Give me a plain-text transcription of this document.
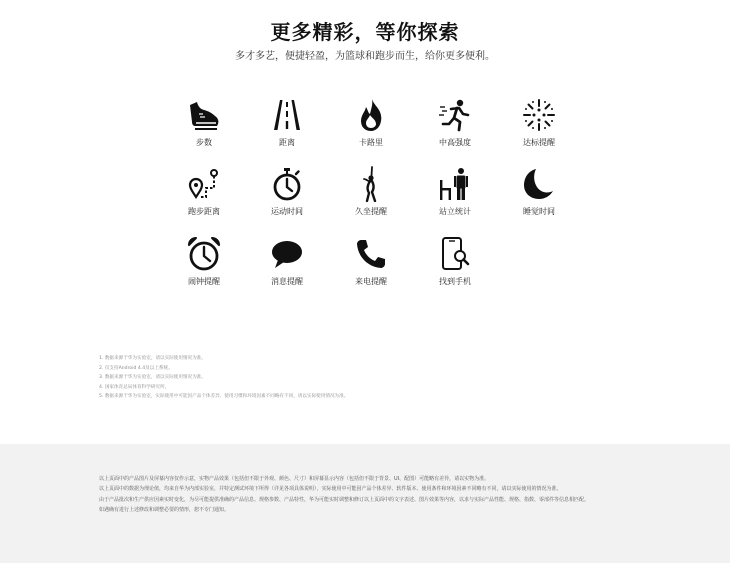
更多精彩，等你探索
多才多艺，便捷轻盈，为篮球和跑步而生，给你更多便利。
步数	距离	卡路里	中高强度	达标提醒
跑步距离	运动时间	久坐提醒	站立统计	睡觉时间
闹钟提醒	消息提醒	来电提醒	找到手机
1. 数据来源于华为实验室，请以实际使用情况为准。
2. 仅支持Android 4.4及以上系统。
3. 数据来源于华为实验室，请以实际使用情况为准。
4. 国家体育总局体育科学研究所。
5. 数据来源于华为实验室，实际使用中可能因产品个体差异、使用习惯和环境因素不同略有不同，请以实际使用情况为准。
以上页面中的产品图片及屏幕内容仅作示意，实物产品效果（包括但不限于外观、颜色、尺寸）和屏幕显示内容（包括但不限于背景、UI、配图）可能略有差异，请以实物为准。
以上页面中的数据为理论值，均来自华为内部实验室，并特定测试环境下所得（详见各项具体说明），实际使用中可能因产品个体差异、软件版本、使用条件和环境因素不同略有不同，请以实际使用的情况为准。
由于产品批次和生产供应因素实时变化，为尽可能提供准确的产品信息、规格参数、产品特性，华为可能实时调整和修订以上页面中的文字表述、图片效果等内容，以求与实际产品性能、规格、指数、零部件等信息相匹配。
如遇确有进行上述修改和调整必要的情形，恕不专门通知。
